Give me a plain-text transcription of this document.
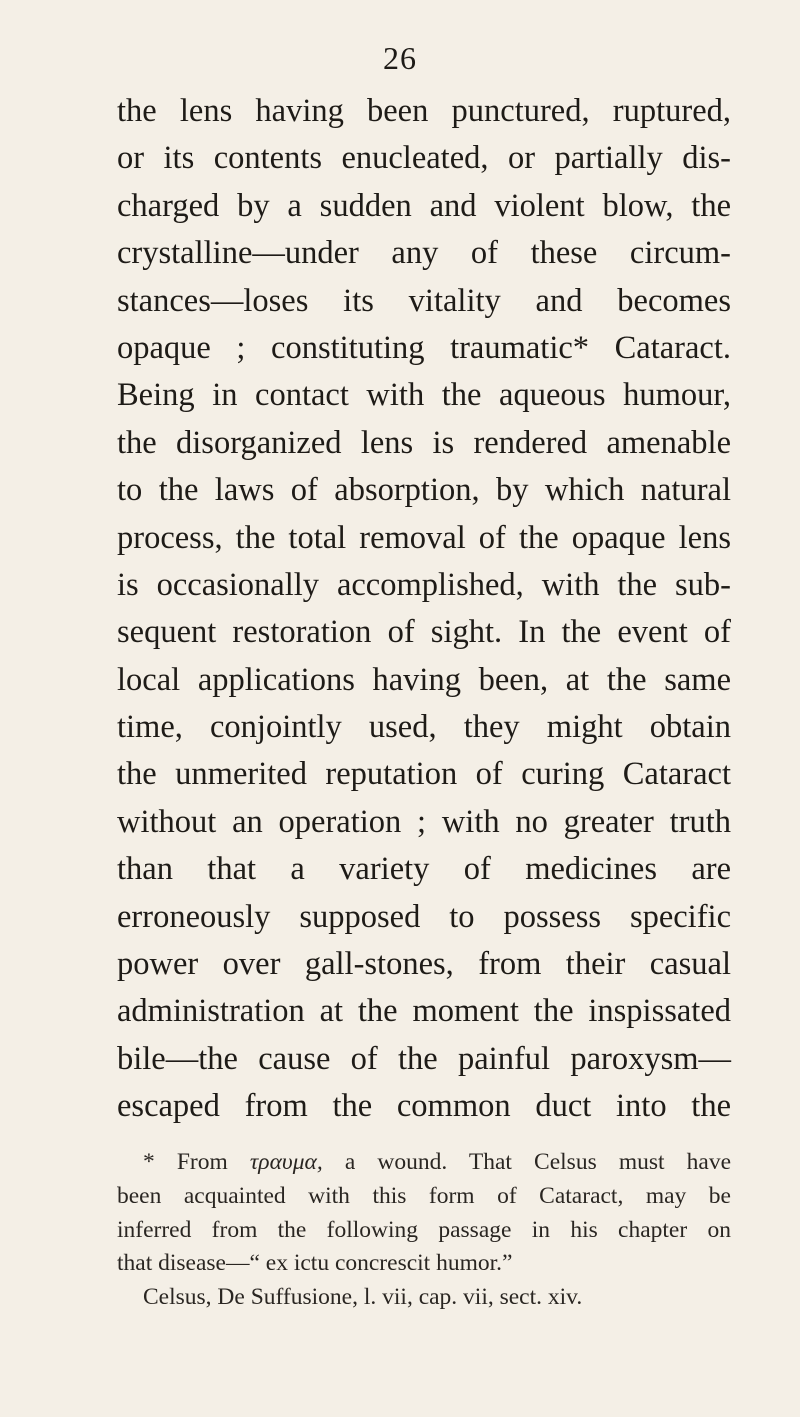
26
the lens having been punctured, ruptured,
or its contents enucleated, or partially dis-
charged by a sudden and violent blow, the
crystalline—under any of these circum-
stances—loses its vitality and becomes
opaque ; constituting traumatic* Cataract.
Being in contact with the aqueous humour,
the disorganized lens is rendered amenable
to the laws of absorption, by which natural
process, the total removal of the opaque lens
is occasionally accomplished, with the sub-
sequent restoration of sight. In the event of
local applications having been, at the same
time, conjointly used, they might obtain
the unmerited reputation of curing Cataract
without an operation ; with no greater truth
than that a variety of medicines are
erroneously supposed to possess specific
power over gall-stones, from their casual
administration at the moment the inspissated
bile—the cause of the painful paroxysm—
escaped from the common duct into the
* From τραυμα, a wound. That Celsus must have
been acquainted with this form of Cataract, may be
inferred from the following passage in his chapter on
that disease—“ ex ictu concrescit humor.”
Celsus, De Suffusione, l. vii, cap. vii, sect. xiv.
